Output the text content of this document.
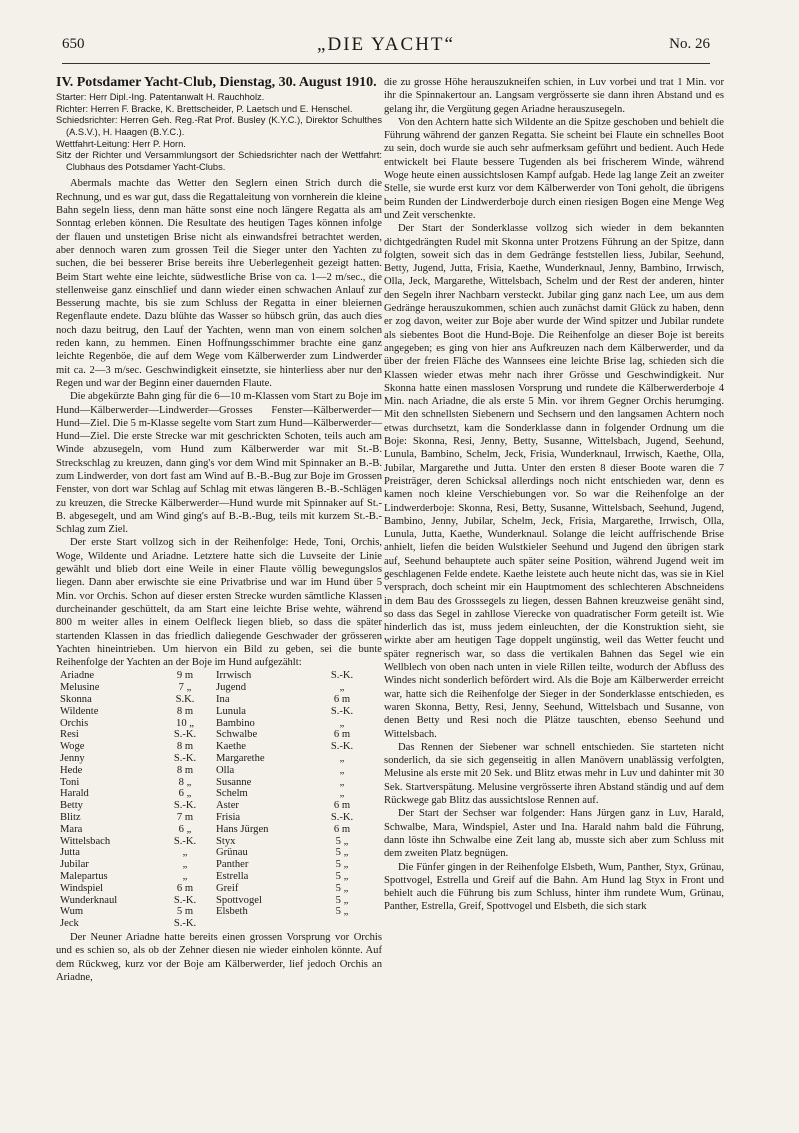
650	„DIE YACHT“	No. 26
IV. Potsdamer Yacht-Club, Dienstag, 30. August 1910.
Starter: Herr Dipl.-Ing. Patentanwalt H. Rauchholz.
Richter: Herren F. Bracke, K. Brettscheider, P. Laetsch und E. Henschel.
Schiedsrichter: Herren Geh. Reg.-Rat Prof. Busley (K.Y.C.), Direktor Schulthes (A.S.V.), H. Haagen (B.Y.C.).
Wettfahrt-Leitung: Herr P. Horn.
Sitz der Richter und Versammlungsort der Schiedsrichter nach der Wettfahrt: Clubhaus des Potsdamer Yacht-Clubs.

Abermals machte das Wetter den Seglern einen Strich durch die Rechnung, und es war gut, dass die Regattaleitung von vornherein die kleine Bahn segeln liess, denn man hätte sonst eine noch längere Regatta als am Sonntag erleben können. Die Resultate des heutigen Tages können infolge der flauen und unstetigen Brise nicht als einwandsfrei betrachtet werden, aber dennoch waren zum grossen Teil die Sieger unter den Yachten zu suchen, die bei besserer Brise bereits ihre Ueberlegenheit gezeigt hatten. Beim Start wehte eine leichte, südwestliche Brise von ca. 1—2 m/sec., die stellenweise ganz einschlief und dann wieder einen schwachen Anlauf zur Besserung machte, bis sie zum Schluss der Regatta in einer bleiernen Regenflaute endete. Dazu blühte das Wasser so hübsch grün, das auch dies noch dazu beitrug, den Lauf der Yachten, wenn man von einem solchen reden kann, zu hemmen. Einen Hoffnungsschimmer brachte eine ganz leichte Regenböe, die auf dem Wege vom Kälberwerder zum Lindwerder mit ca. 2—3 m/sec. Geschwindigkeit einsetzte, sie hinterliess aber nur den Regen und war der Beginn einer dauernden Flaute.

Die abgekürzte Bahn ging für die 6—10 m-Klassen vom Start zu Boje im Hund—Kälberwerder—Lindwerder—Grosses Fenster—Kälberwerder—Hund—Ziel. Die 5 m-Klasse segelte vom Start zum Hund—Kälberwerder—Hund—Ziel. Die erste Strecke war mit geschrickten Schoten, teils auch am Winde abzusegeln, vom Hund zum Kälberwerder war mit St.-B. Streckschlag zu kreuzen, dann ging's vor dem Wind mit Spinnaker an B.-B. zum Lindwerder, von dort fast am Wind auf B.-B.-Bug zur Boje im Grossen Fenster, von dort war Schlag auf Schlag mit etwas längeren B.-B.-Schlägen zu kreuzen, die Strecke Kälberwerder—Hund wurde mit Spinnaker auf St.-B. abgesegelt, und am Wind ging's auf B.-B.-Bug, teils mit kurzem St.-B.-Schlag zum Ziel.

Der erste Start vollzog sich in der Reihenfolge: Hede, Toni, Orchis, Woge, Wildente und Ariadne. Letztere hatte sich die Luvseite der Linie gewählt und blieb dort eine Weile in einer Flaute völlig bewegungslos liegen. Dann aber erwischte sie eine Privatbrise und war im Hund über 5 Min. vor Orchis. Schon auf dieser ersten Strecke wurden sämtliche Klassen durcheinander geschüttelt, da am Start eine leichte Brise wehte, während 800 m weiter alles in einem Oelfleck liegen blieb, so dass die später startenden Klassen in das friedlich daliegende Geschwader der grösseren Yachten hineintrieben. Um hiervon ein Bild zu geben, sei die bunte Reihenfolge der Yachten an der Boje im Hund aufgezählt:

Ariadne	9 m	Irrwisch	S.-K.
Melusine	7 „	Jugend	„
Skonna	S.K.	Ina	6 m
Wildente	8 m	Lunula	S.-K.
Orchis	10 „	Bambino	„
Resi	S.-K.	Schwalbe	6 m
Woge	8 m	Kaethe	S.-K.
Jenny	S.-K.	Margarethe	„
Hede	8 m	Olla	„
Toni	8 „	Susanne	„
Harald	6 „	Schelm	„
Betty	S.-K.	Aster	6 m
Blitz	7 m	Frisia	S.-K.
Mara	6 „	Hans Jürgen	6 m
Wittelsbach	S.-K.	Styx	5 „
Jutta	„	Grünau	5 „
Jubilar	„	Panther	5 „
Malepartus	„	Estrella	5 „
Windspiel	6 m	Greif	5 „
Wunderknaul	S.-K.	Spottvogel	5 „
Wum	5 m	Elsbeth	5 „
Jeck	S.-K.		

Der Neuner Ariadne hatte bereits einen grossen Vorsprung vor Orchis und es schien so, als ob der Zehner diesen nie wieder einholen könnte. Auf dem Rückweg, kurz vor der Boje am Kälberwerder, lief jedoch Orchis an Ariadne,

die zu grosse Höhe herauszukneifen schien, in Luv vorbei und trat 1 Min. vor ihr die Spinnakertour an. Langsam vergrösserte sie dann ihren Abstand und es gelang ihr, die Vergütung gegen Ariadne herauszusegeln.

Von den Achtern hatte sich Wildente an die Spitze geschoben und behielt die Führung während der ganzen Regatta. Sie scheint bei Flaute ein schnelles Boot zu sein, doch wurde sie auch sehr aufmerksam geführt und bedient. Auch Hede entwickelt bei Flaute bessere Tugenden als bei frischerem Winde, während Woge heute einen aussichtslosen Kampf aufgab. Hede lag lange Zeit an zweiter Stelle, sie wurde erst kurz vor dem Kälberwerder von Toni geholt, die übrigens beim Runden der Lindwerderboje durch einen riesigen Bogen eine Menge Weg und Zeit verschenkte.

Der Start der Sonderklasse vollzog sich wieder in dem bekannten dichtgedrängten Rudel mit Skonna unter Protzens Führung an der Spitze, dann folgten, soweit sich das in dem Gedränge feststellen liess, Jubilar, Seehund, Betty, Jugend, Jutta, Frisia, Kaethe, Wunderknaul, Jenny, Bambino, Irrwisch, Olla, Jeck, Margarethe, Wittelsbach, Schelm und der Rest der anderen, hinter den Segeln ihrer Nachbarn versteckt. Jubilar ging ganz nach Lee, um aus dem Gedränge herauszukommen, schien auch zunächst damit Glück zu haben, denn er zog davon, weiter zur Boje aber wurde der Wind spitzer und Jubilar rundete als siebentes Boot die Hund-Boje. Die Reihenfolge an dieser Boje ist bereits angegeben; es ging von hier ans Aufkreuzen nach dem Kälberwerder, und da über der freien Fläche des Wannsees eine leichte Brise lag, schieden sich die Klassen wieder etwas mehr nach ihrer Grösse und Geschwindigkeit. Nur Skonna hatte einen masslosen Vorsprung und rundete die Kälberwerderboje 4 Min. nach Ariadne, die als erste 5 Min. vor ihrem Gegner Orchis herumging. Mit den schnellsten Siebenern und Sechsern und den langsamen Achtern noch etwas durchsetzt, kam die Sonderklasse dann in folgender Ordnung um die Boje: Skonna, Resi, Jenny, Betty, Susanne, Wittelsbach, Jugend, Seehund, Lunula, Bambino, Schelm, Jeck, Frisia, Wunderknaul, Irrwisch, Kaethe, Olla, Jubilar, Margarethe und Jutta. Unter den ersten 8 dieser Boote waren die 7 Preisträger, deren Schicksal allerdings noch nicht entschieden war, denn es kamen noch kleine Verschiebungen vor. So war die Reihenfolge an der Lindwerderboje: Skonna, Resi, Betty, Susanne, Wittelsbach, Seehund, Jugend, Bambino, Jenny, Jubilar, Schelm, Jeck, Frisia, Margarethe, Irrwisch, Olla, Lunula, Jutta, Kaethe, Wunderknaul. Solange die leicht auffrischende Brise anhielt, liefen die beiden Wulstkieler Seehund und Jugend den übrigen stark auf, Seehund behauptete auch später seine Position, während Jugend weit im geschlagenen Felde endete. Kaethe leistete auch heute nicht das, was sie in Kiel versprach, doch scheint mir ein Hauptmoment des schlechteren Abschneidens in dem Bau des Grosssegels zu liegen, dessen Bahnen kreuzweise genäht sind, so dass das Segel in zahllose Vierecke von quadratischer Form geteilt ist. Wie hinderlich das ist, muss jedem einleuchten, der die Konstruktion sieht, sie wirkte aber am heutigen Tage doppelt ungünstig, weil das Wetter feucht und später regnerisch war, so dass die vertikalen Bahnen das Segel wie ein Wellblech von oben nach unten in viele Rillen teilte, wodurch der Abfluss des Windes nicht sonderlich befördert wird. Als die Boje am Kälberwerder erreicht war, hatte sich die Reihenfolge der Sieger in der Sonderklasse entschieden, es waren Skonna, Betty, Resi, Jenny, Seehund, Wittelsbach und Susanne, von denen Betty und Resi noch die Plätze tauschten, ebenso Seehund und Wittelsbach.

Das Rennen der Siebener war schnell entschieden. Sie starteten nicht sonderlich, da sie sich gegenseitig in allen Manövern unablässig verfolgten, Melusine als erste mit 20 Sek. und Blitz etwas mehr in Luv und dahinter mit 30 Sek. Startverspätung. Melusine vergrösserte ihren Abstand ständig und auf dem Rückwege gab Blitz das aussichtslose Rennen auf.

Der Start der Sechser war folgender: Hans Jürgen ganz in Luv, Harald, Schwalbe, Mara, Windspiel, Aster und Ina. Harald nahm bald die Führung, dann löste ihn Schwalbe eine Zeit lang ab, musste sich aber zum Schluss mit dem zweiten Platz begnügen.

Die Fünfer gingen in der Reihenfolge Elsbeth, Wum, Panther, Styx, Grünau, Spottvogel, Estrella und Greif auf die Bahn. Am Hund lag Styx in Front und behielt auch die Führung bis zum Schluss, hinter ihm rundete Wum, Grünau, Panther, Estrella, Greif, Spottvogel und Elsbeth, die sich stark
